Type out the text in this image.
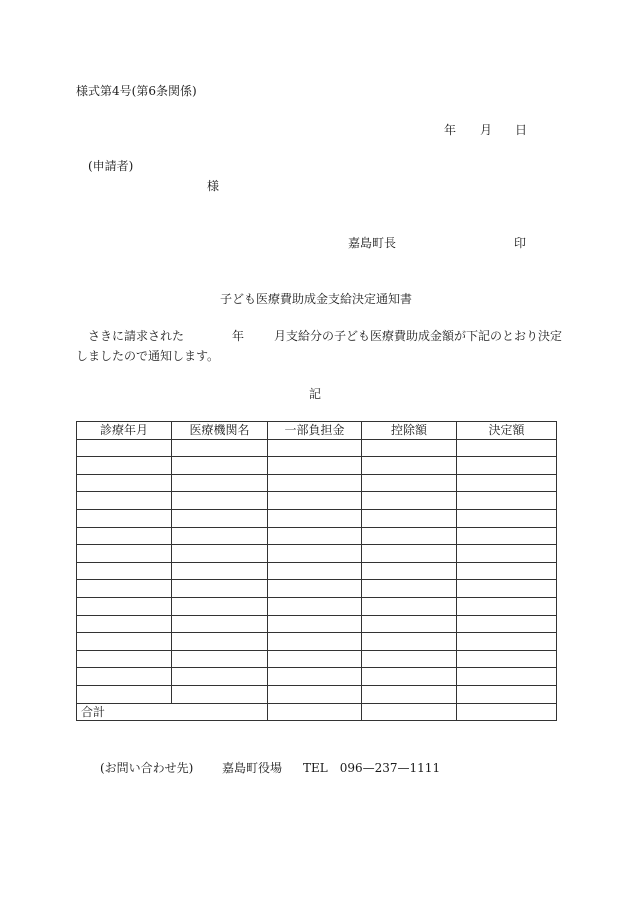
様式第4号(第6条関係)
年 月 日
(申請者)
様
嘉島町長	印
子ども医療費助成金支給決定通知書
さきに請求された	年	月支給分の子ども医療費助成金額が下記のとおり決定
しましたので通知します。
記
診療年月	医療機関名	一部負担金	控除額	決定額

合計				
(お問い合わせ先) 嘉島町役場 TEL　096—237—1111
